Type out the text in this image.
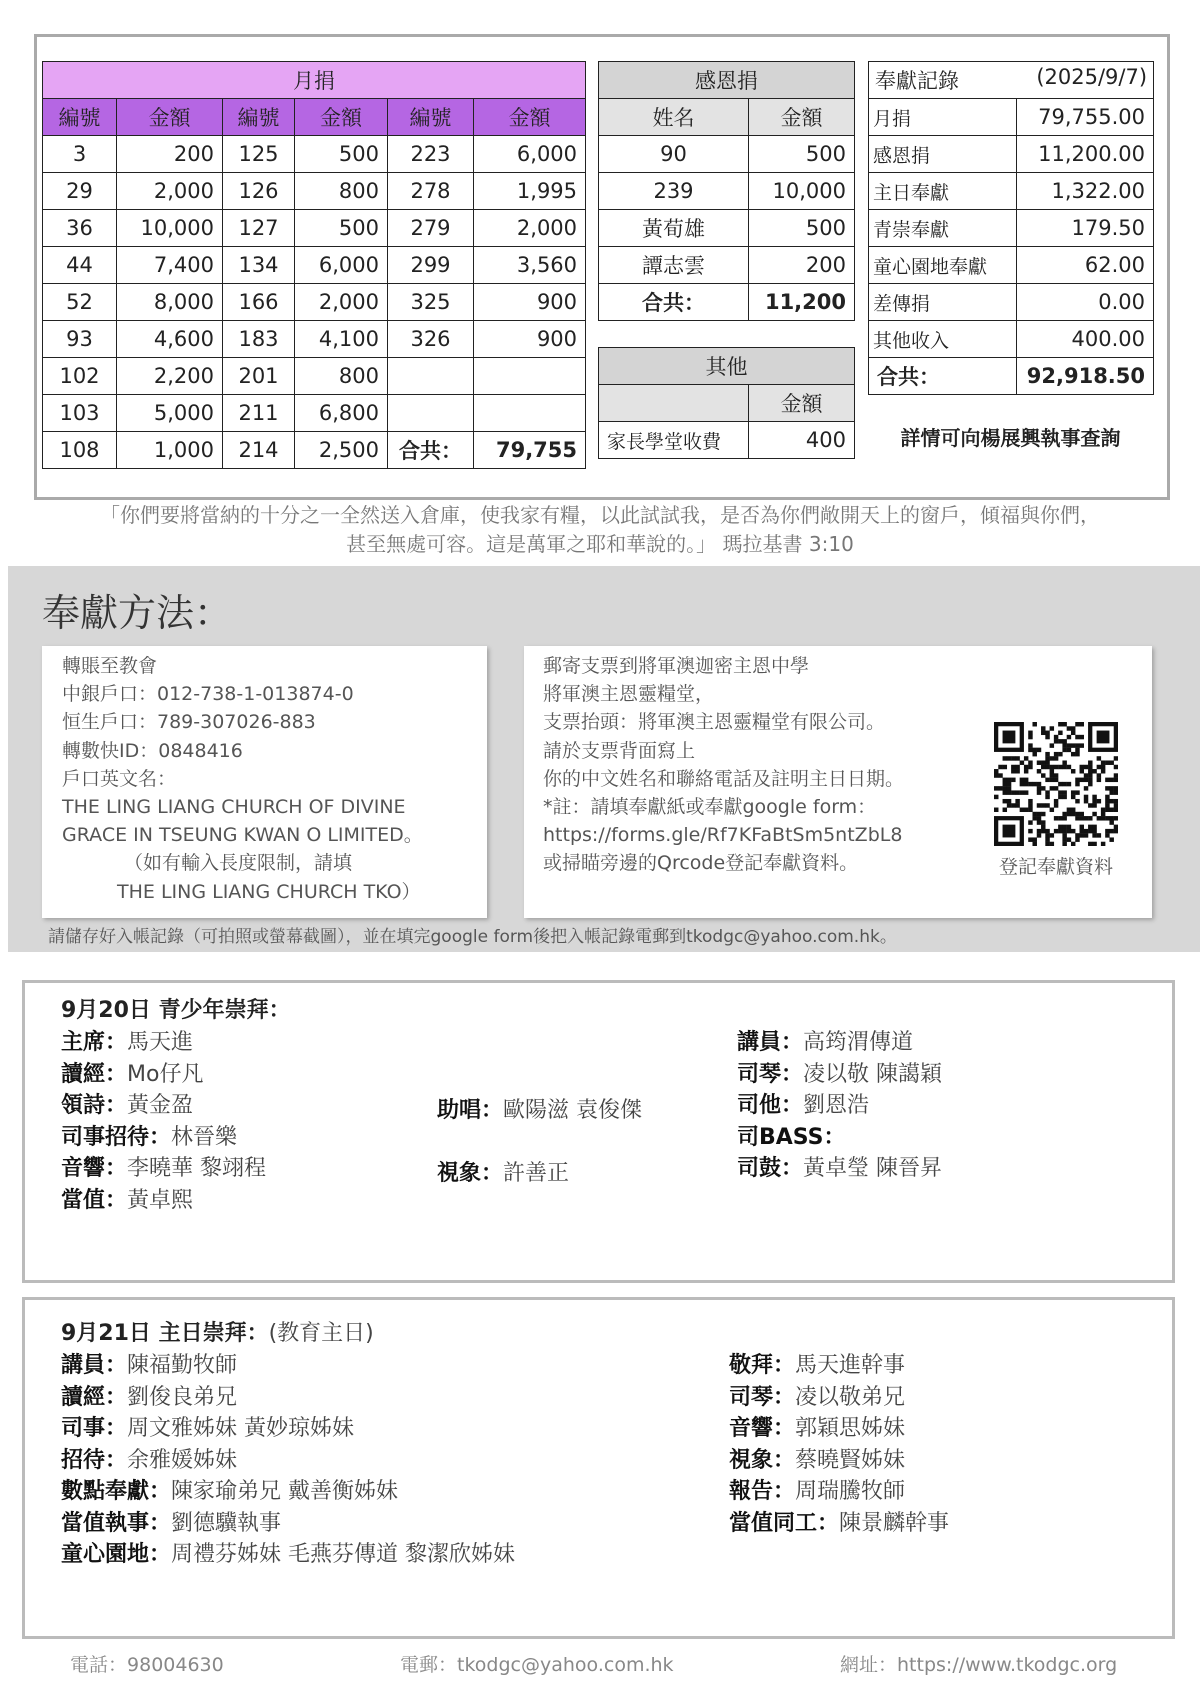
月捐					
編號	金額	編號	金額	編號	金額
3	200	125	500	223	6,000
29	2,000	126	800	278	1,995
36	10,000	127	500	279	2,000
44	7,400	134	6,000	299	3,560
52	8,000	166	2,000	325	900
93	4,600	183	4,100	326	900
102	2,200	201	800		
103	5,000	211	6,800		
108	1,000	214	2,500	合共：	79,755
感恩捐	
姓名	金額
90	500
239	10,000
黃荀雄	500
譚志雲	200
合共：	11,200
其他	
	金額
家長學堂收費	400
奉獻記錄 (2025/9/7)	

月捐	79,755.00
感恩捐	11,200.00
主日奉獻	1,322.00
青崇奉獻	179.50
童心園地奉獻	62.00
差傳捐	0.00
其他收入	400.00
合共：	92,918.50
詳情可向楊展興執事查詢
「你們要將當納的十分之一全然送入倉庫，使我家有糧，以此試試我，是否為你們敞開天上的窗戶，傾福與你們，
甚至無處可容。這是萬軍之耶和華說的。」 瑪拉基書 3:10
奉獻方法：
轉賬至教會
中銀戶口：012-738-1-013874-0
恒生戶口：789-307026-883
轉數快ID：0848416
戶口英文名：
THE LING LIANG CHURCH OF DIVINE
GRACE IN TSEUNG KWAN O LIMITED。
（如有輸入長度限制，請填
THE LING LIANG CHURCH TKO）
郵寄支票到將軍澳迦密主恩中學
將軍澳主恩靈糧堂，
支票抬頭：將軍澳主恩靈糧堂有限公司。
請於支票背面寫上
你的中文姓名和聯絡電話及註明主日日期。
*註：請填奉獻紙或奉獻google form：
https://forms.gle/Rf7KFaBtSm5ntZbL8
或掃瞄旁邊的Qrcode登記奉獻資料。	登記奉獻資料
請儲存好入帳記錄（可拍照或螢幕截圖），並在填完google form後把入帳記錄電郵到tkodgc@yahoo.com.hk。
9月20日 青少年崇拜：
主席：馬天進
讀經：Mo仔凡
領詩：黃金盈
司事招待：林晉樂
音響：李曉華 黎翊程
當值：黃卓熙
助唱：歐陽滋 袁俊傑
視象：許善正
講員：高筠渭傳道
司琴：凌以敬 陳譪穎
司他：劉恩浩
司BASS：
司鼓：黃卓瑩 陳晉昇
9月21日 主日崇拜：(教育主日)
講員：陳福勤牧師
讀經：劉俊良弟兄
司事：周文雅姊妹 黃妙琼姊妹
招待：余雅媛姊妹
數點奉獻：陳家瑜弟兄 戴善衡姊妹
當值執事：劉德驥執事
童心園地：周禮芬姊妹 毛燕芬傳道 黎潔欣姊妹
敬拜：馬天進幹事
司琴：凌以敬弟兄
音響：郭穎思姊妹
視象：蔡曉賢姊妹
報告：周瑞騰牧師
當值同工：陳景麟幹事
電話：98004630	電郵：tkodgc@yahoo.com.hk	網址：https://www.tkodgc.org
